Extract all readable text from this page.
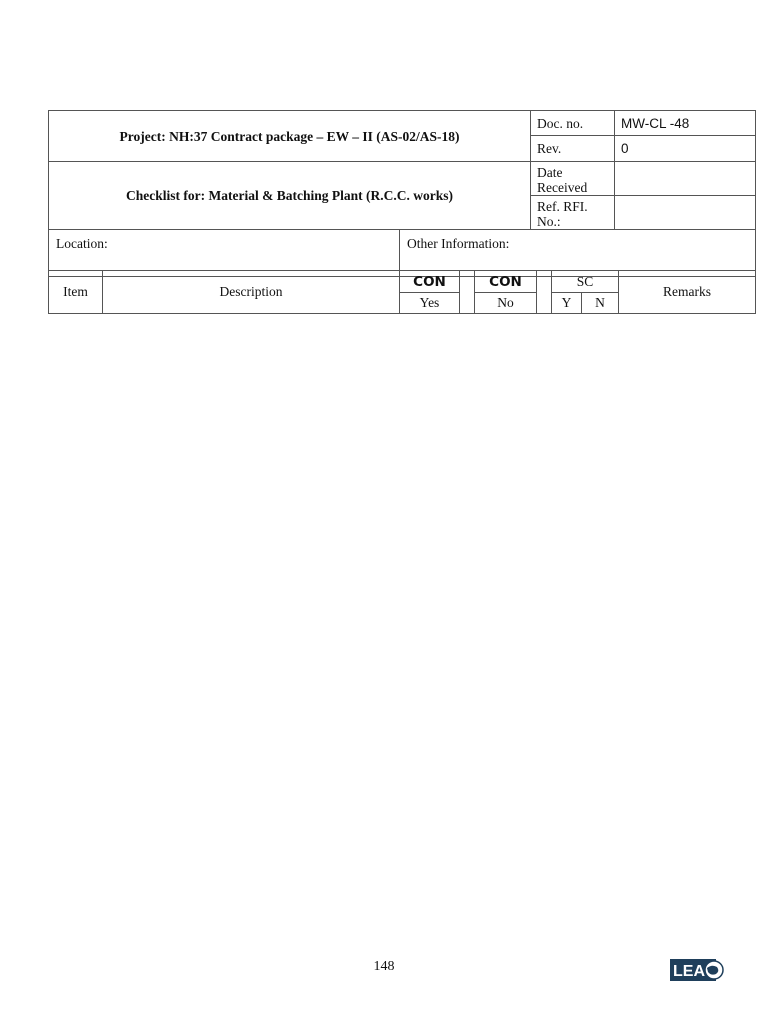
Project: NH:37 Contract package – EW – II (AS-02/AS-18)	Doc. no.	MW-CL -48
	Rev.	0
Checklist for: Material & Batching Plant (R.C.C. works)	Date Received	
	Ref. RFI. No.:	
Location:	Other Information:
Item	Description	CON		CON		SC		Remarks
		Yes		No		Y	N	
148	LEA
